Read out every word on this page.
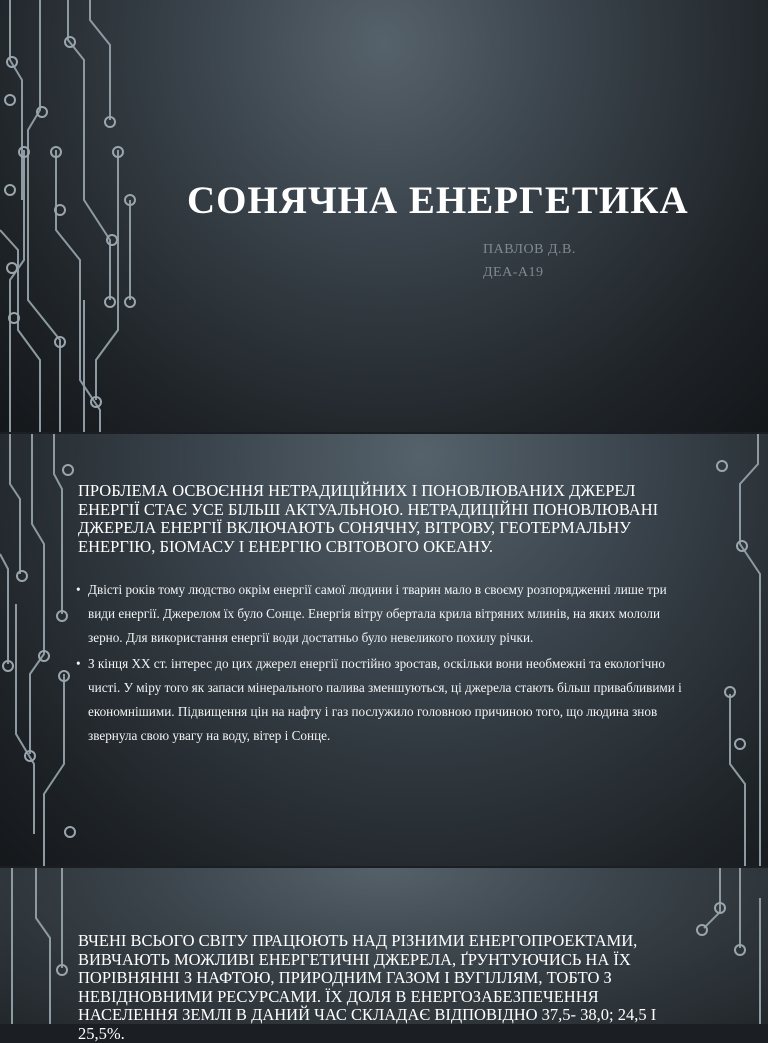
СОНЯЧНА ЕНЕРГЕТИКА
ПАВЛОВ Д.В.
ДЕА-А19
ПРОБЛЕМА ОСВОЄННЯ НЕТРАДИЦІЙНИХ І ПОНОВЛЮВАНИХ ДЖЕРЕЛ ЕНЕРГІЇ СТАЄ УСЕ БІЛЬШ АКТУАЛЬНОЮ. НЕТРАДИЦІЙНІ ПОНОВЛЮВАНІ ДЖЕРЕЛА ЕНЕРГІЇ ВКЛЮЧАЮТЬ СОНЯЧНУ, ВІТРОВУ, ГЕОТЕРМАЛЬНУ ЕНЕРГІЮ, БІОМАСУ І ЕНЕРГІЮ СВІТОВОГО ОКЕАНУ.
• Двісті років тому людство окрім енергії самої людини і тварин мало в своєму розпорядженні лише три види енергії. Джерелом їх було Сонце. Енергія вітру обертала крила вітряних млинів, на яких мололи зерно. Для використання енергії води достатньо було невеликого похилу річки.
• З кінця XX ст. інтерес до цих джерел енергії постійно зростав, оскільки вони необмежні та екологічно чисті. У міру того як запаси мінерального палива зменшуються, ці джерела стають більш привабливими і економнішими. Підвищення цін на нафту і газ послужило головною причиною того, що людина знов звернула свою увагу на воду, вітер і Сонце.
ВЧЕНІ ВСЬОГО СВІТУ ПРАЦЮЮТЬ НАД РІЗНИМИ ЕНЕРГОПРОЕКТАМИ, ВИВЧАЮТЬ МОЖЛИВІ ЕНЕРГЕТИЧНІ ДЖЕРЕЛА, ҐРУНТУЮЧИСЬ НА ЇХ ПОРІВНЯННІ З НАФТОЮ, ПРИРОДНИМ ГАЗОМ І ВУГІЛЛЯМ, ТОБТО З НЕВІДНОВНИМИ РЕСУРСАМИ. ЇХ ДОЛЯ В ЕНЕРГОЗАБЕЗПЕЧЕННЯ НАСЕЛЕННЯ ЗЕМЛІ В ДАНИЙ ЧАС СКЛАДАЄ ВІДПОВІДНО 37,5- 38,0; 24,5 І 25,5%.
